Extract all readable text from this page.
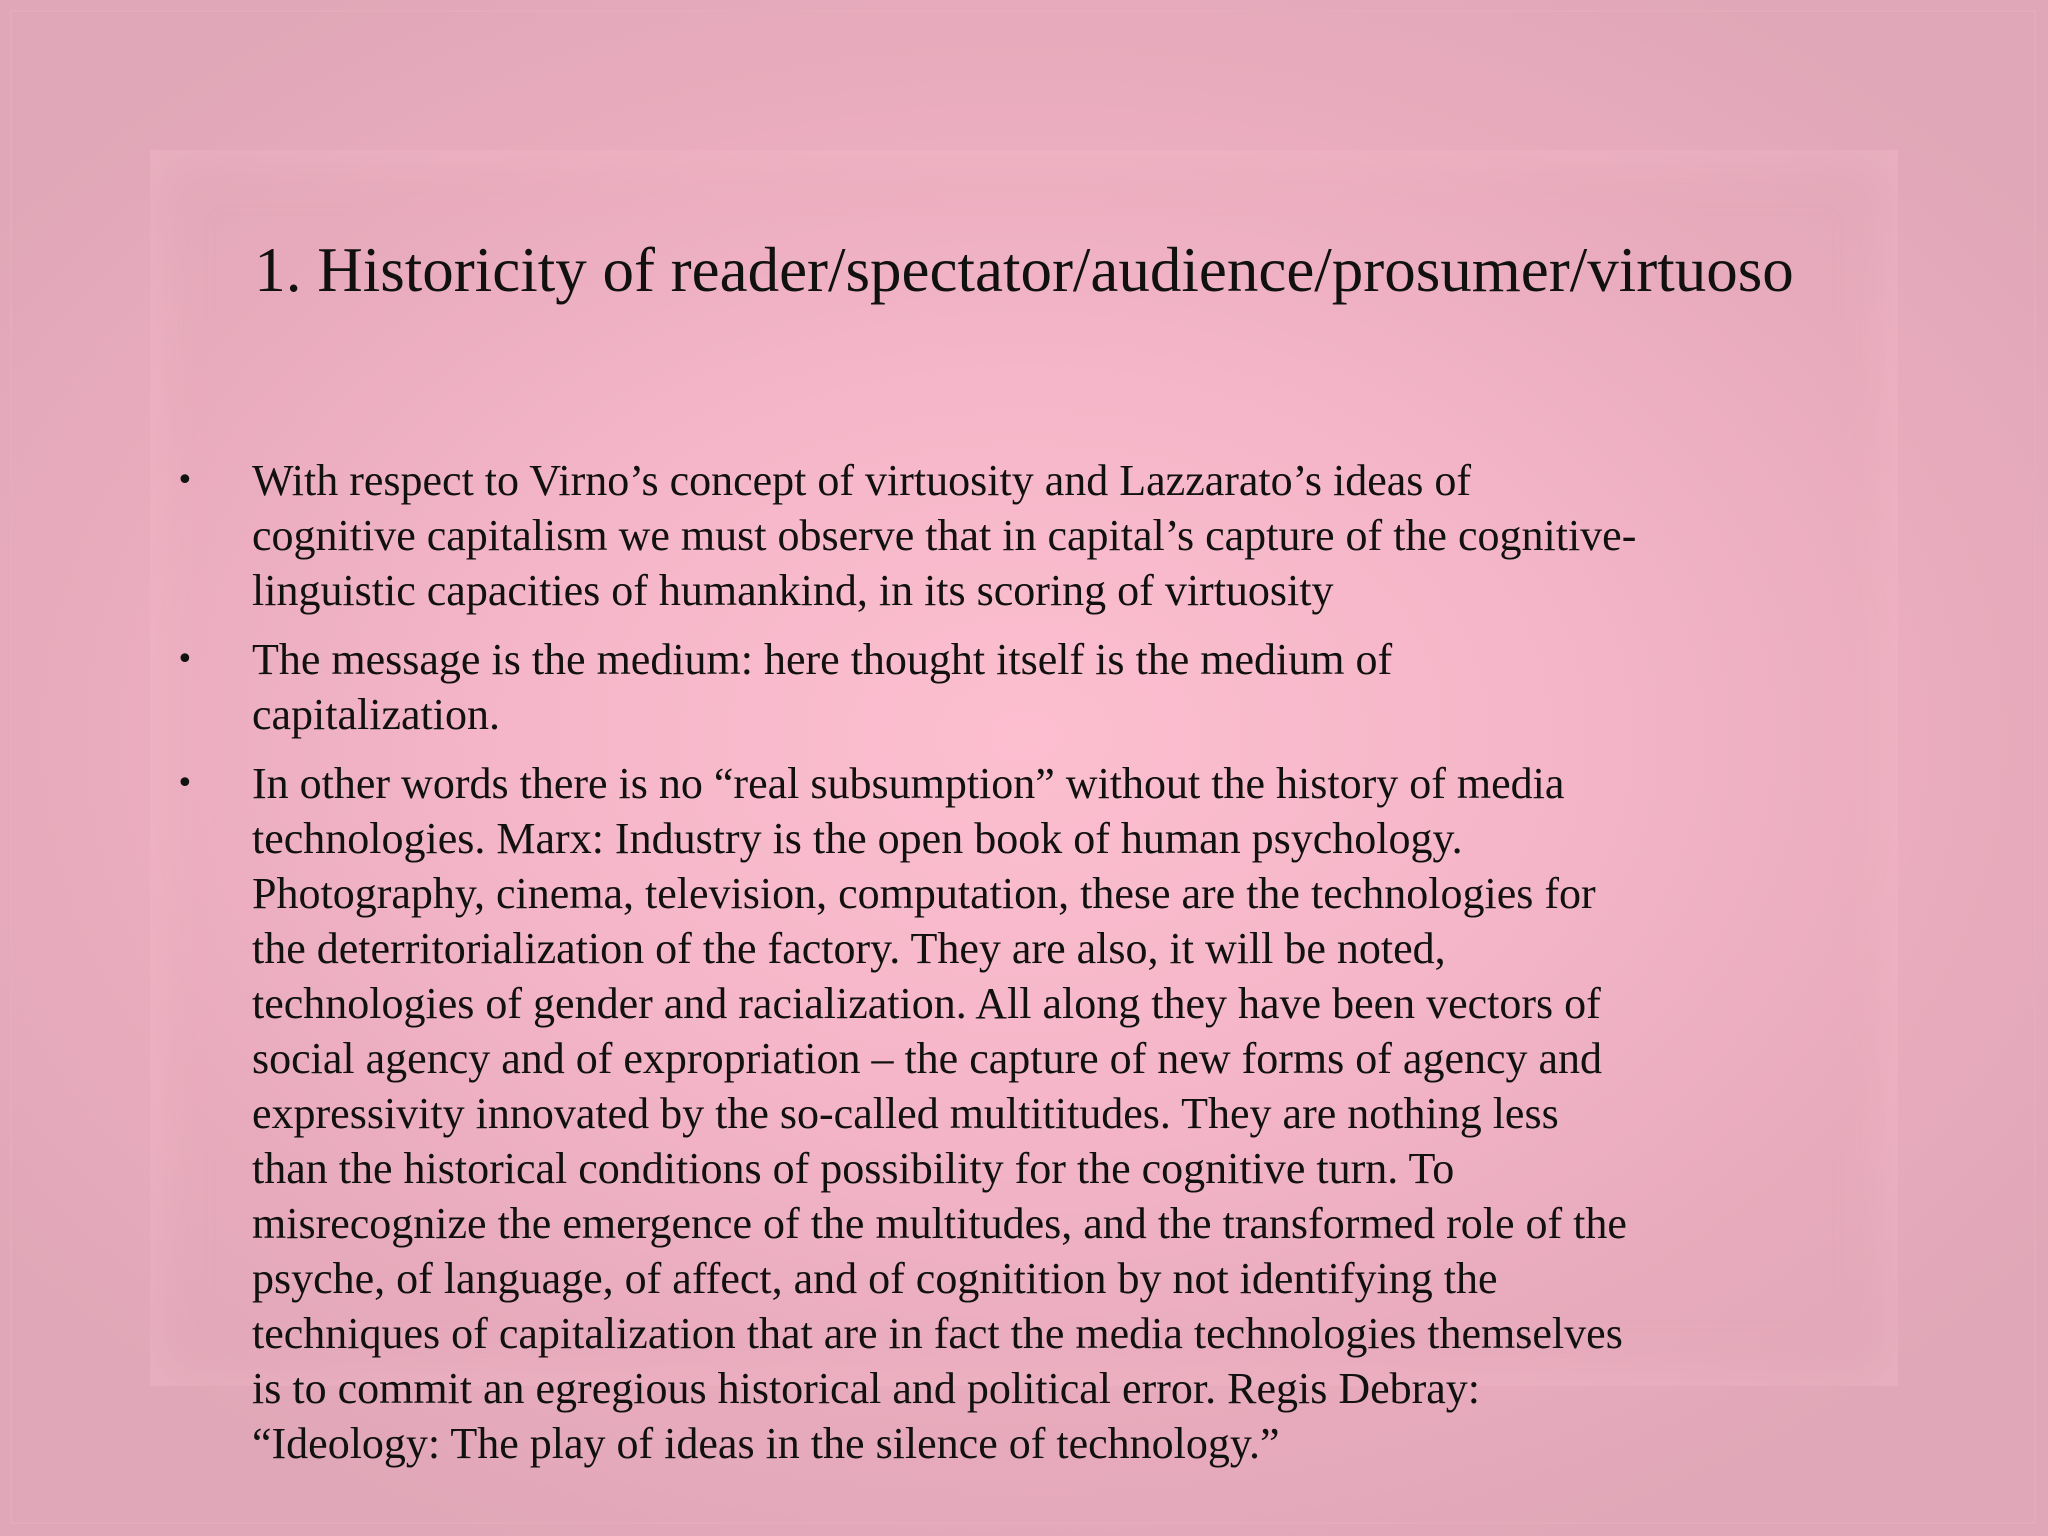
1. Historicity of reader/spectator/audience/prosumer/virtuoso
• With respect to Virno’s concept of virtuosity and Lazzarato’s ideas of
cognitive capitalism we must observe that in capital’s capture of the cognitive-
linguistic capacities of humankind, in its scoring of virtuosity
• The message is the medium: here thought itself is the medium of
capitalization.
• In other words there is no “real subsumption” without the history of media
technologies. Marx: Industry is the open book of human psychology.
Photography, cinema, television, computation, these are the technologies for
the deterritorialization of the factory. They are also, it will be noted,
technologies of gender and racialization. All along they have been vectors of
social agency and of expropriation – the capture of new forms of agency and
expressivity innovated by the so-called multititudes. They are nothing less
than the historical conditions of possibility for the cognitive turn. To
misrecognize the emergence of the multitudes, and the transformed role of the
psyche, of language, of affect, and of cognitition by not identifying the
techniques of capitalization that are in fact the media technologies themselves
is to commit an egregious historical and political error. Regis Debray:
“Ideology: The play of ideas in the silence of technology.”
